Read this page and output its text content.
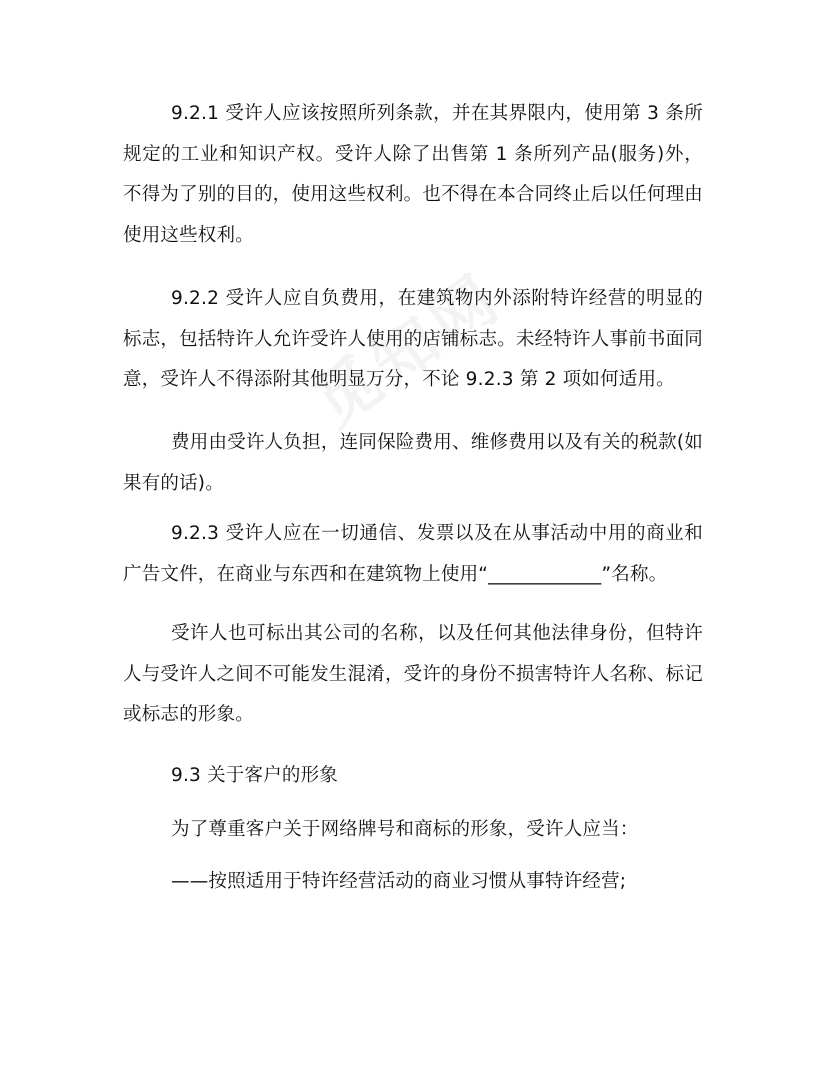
9.2.1 受许人应该按照所列条款，并在其界限内，使用第 3 条所规定的工业和知识产权。受许人除了出售第 1 条所列产品(服务)外，不得为了别的目的，使用这些权利。也不得在本合同终止后以任何理由使用这些权利。

9.2.2 受许人应自负费用，在建筑物内外添附特许经营的明显的标志，包括特许人允许受许人使用的店铺标志。未经特许人事前书面同意，受许人不得添附其他明显万分，不论 9.2.3 第 2 项如何适用。

费用由受许人负担，连同保险费用、维修费用以及有关的税款(如果有的话)。

9.2.3 受许人应在一切通信、发票以及在从事活动中用的商业和广告文件，在商业与东西和在建筑物上使用“____________”名称。

受许人也可标出其公司的名称，以及任何其他法律身份，但特许人与受许人之间不可能发生混淆，受许的身份不损害特许人名称、标记或标志的形象。

9.3 关于客户的形象

为了尊重客户关于网络牌号和商标的形象，受许人应当：

——按照适用于特许经营活动的商业习惯从事特许经营;
